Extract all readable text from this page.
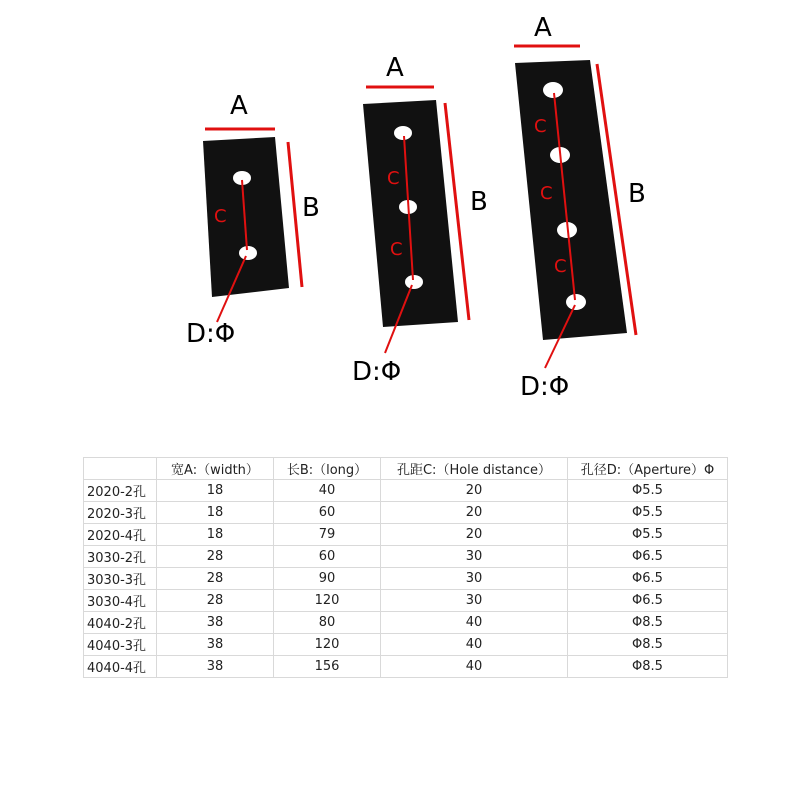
A
B
C
D:Φ
A
B
C
C
D:Φ
A
B
C
C
C
D:Φ
	宽A:（width）	长B:（long）	孔距C:（Hole distance）	孔径D:（Aperture）Φ
2020-2孔	18	40	20	Φ5.5
2020-3孔	18	60	20	Φ5.5
2020-4孔	18	79	20	Φ5.5
3030-2孔	28	60	30	Φ6.5
3030-3孔	28	90	30	Φ6.5
3030-4孔	28	120	30	Φ6.5
4040-2孔	38	80	40	Φ8.5
4040-3孔	38	120	40	Φ8.5
4040-4孔	38	156	40	Φ8.5
